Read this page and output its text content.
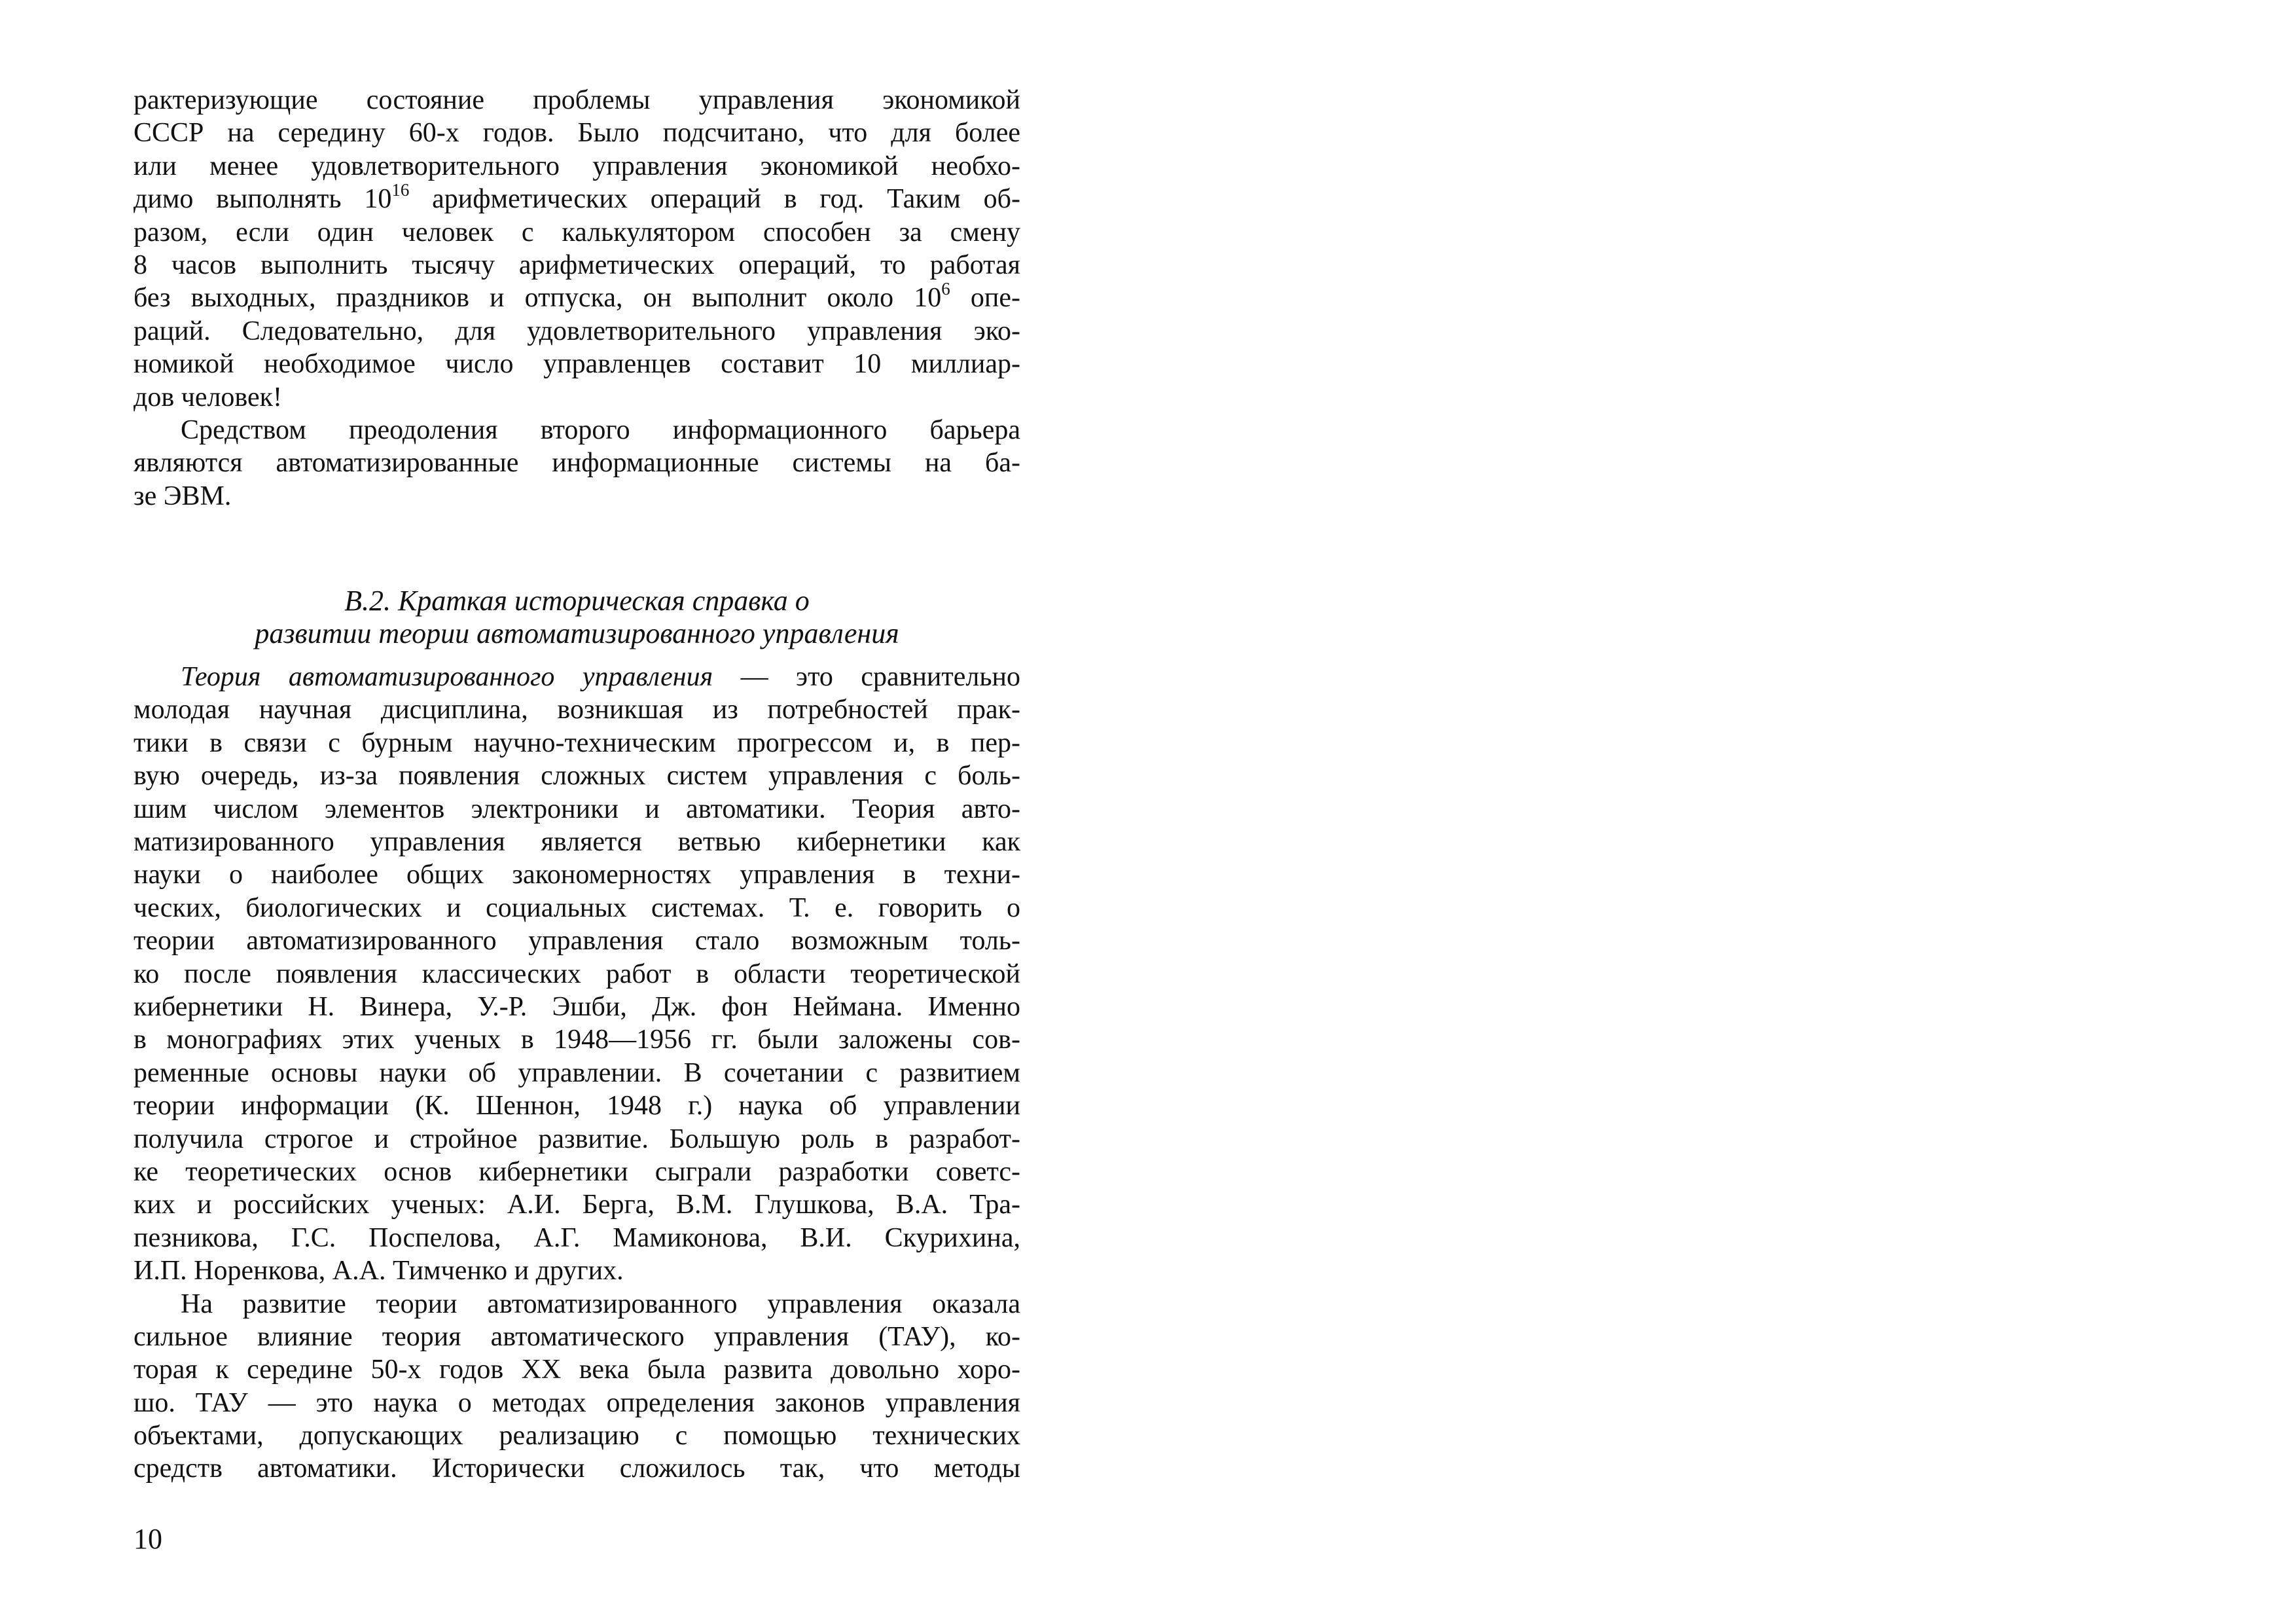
рактеризующие состояние проблемы управления экономикой
СССР на середину 60-х годов. Было подсчитано, что для более
или менее удовлетворительного управления экономикой необхо-
димо выполнять $10^{16}$ арифметических операций в год. Таким об-
разом, если один человек с калькулятором способен за смену
8 часов выполнить тысячу арифметических операций, то работая
без выходных, праздников и отпуска, он выполнит около $10^6$ опе-
раций. Следовательно, для удовлетворительного управления эко-
номикой необходимое число управленцев составит 10 миллиар-
дов человек!
Средством преодоления второго информационного барьера
являются автоматизированные информационные системы на ба-
зе ЭВМ.
В.2. Краткая историческая справка о
развитии теории автоматизированного управления
Теория автоматизированного управления — это сравнительно
молодая научная дисциплина, возникшая из потребностей прак-
тики в связи с бурным научно-техническим прогрессом и, в пер-
вую очередь, из-за появления сложных систем управления с боль-
шим числом элементов электроники и автоматики. Теория авто-
матизированного управления является ветвью кибернетики как
науки о наиболее общих закономерностях управления в техни-
ческих, биологических и социальных системах. Т. е. говорить о
теории автоматизированного управления стало возможным толь-
ко после появления классических работ в области теоретической
кибернетики Н. Винера, У.-Р. Эшби, Дж. фон Неймана. Именно
в монографиях этих ученых в 1948—1956 гг. были заложены сов-
ременные основы науки об управлении. В сочетании с развитием
теории информации (К. Шеннон, 1948 г.) наука об управлении
получила строгое и стройное развитие. Большую роль в разработ-
ке теоретических основ кибернетики сыграли разработки советс-
ких и российских ученых: А.И. Берга, В.М. Глушкова, В.А. Тра-
пезникова, Г.С. Поспелова, А.Г. Мамиконова, В.И. Скурихина,
И.П. Норенкова, А.А. Тимченко и других.
На развитие теории автоматизированного управления оказала
сильное влияние теория автоматического управления (ТАУ), ко-
торая к середине 50-х годов XX века была развита довольно хоро-
шо. ТАУ — это наука о методах определения законов управления
объектами, допускающих реализацию с помощью технических
средств автоматики. Исторически сложилось так, что методы
10
